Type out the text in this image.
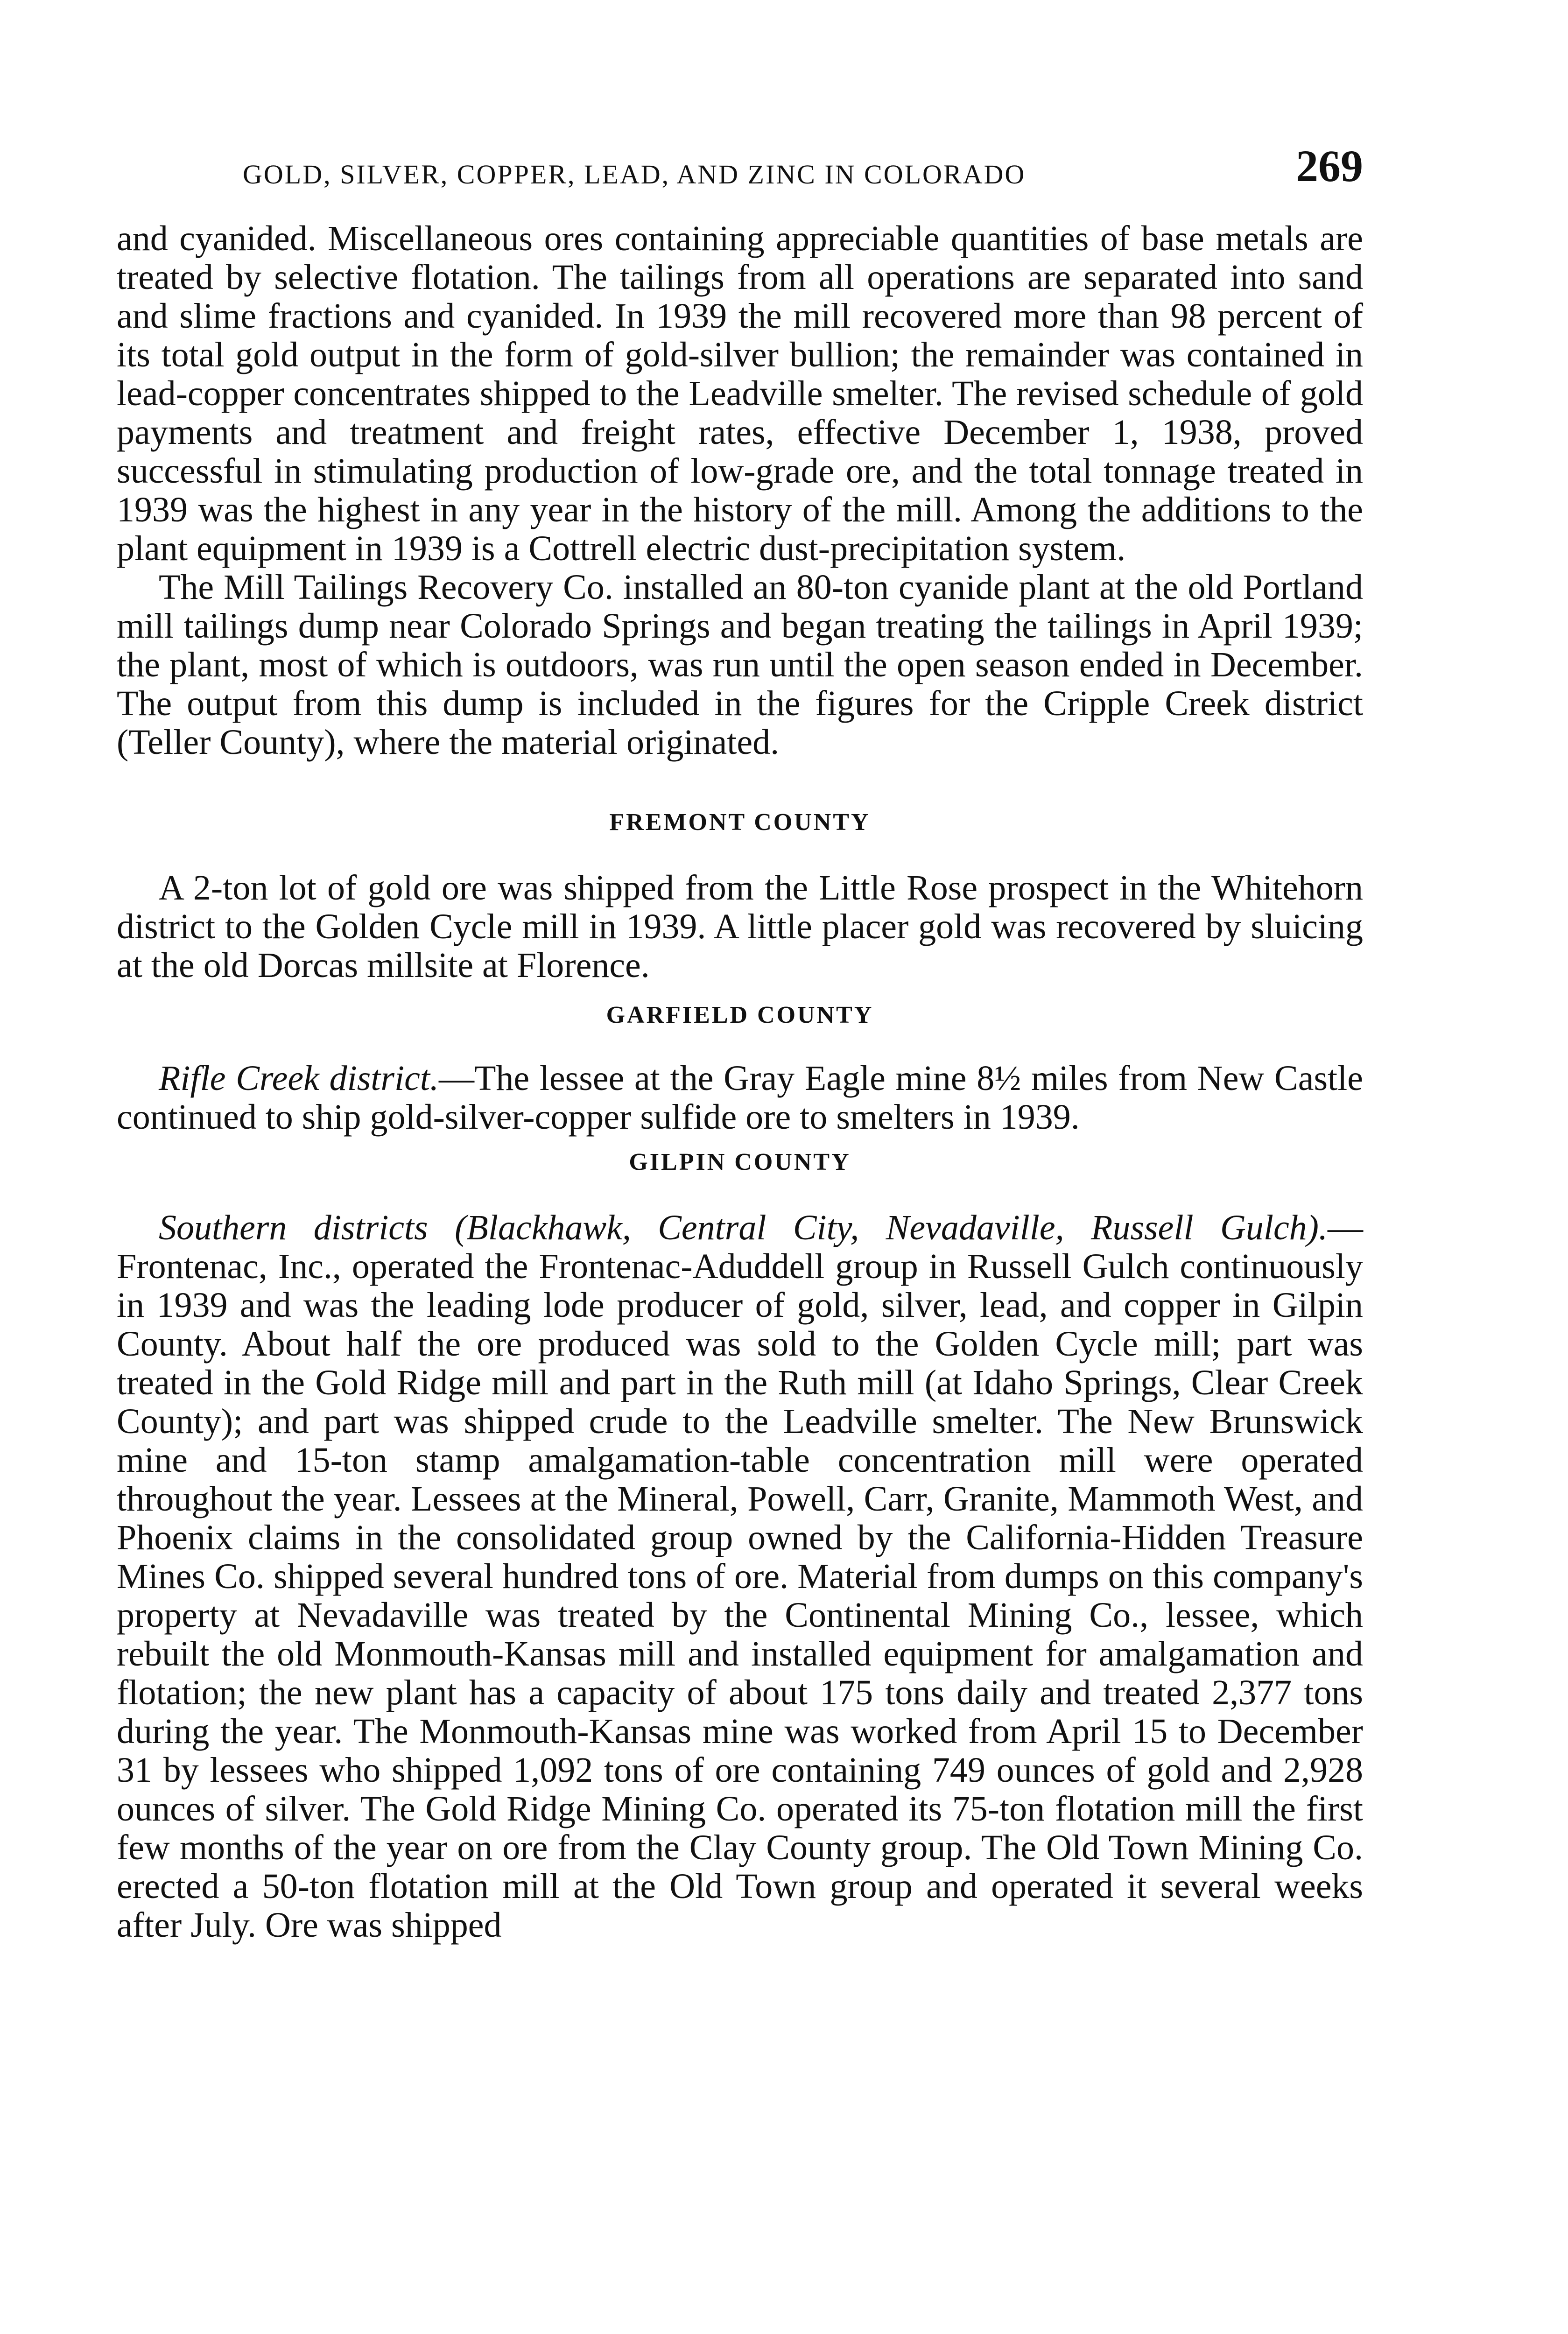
GOLD, SILVER, COPPER, LEAD, AND ZINC IN COLORADO	269

and cyanided. Miscellaneous ores containing appreciable quantities of base metals are treated by selective flotation. The tailings from all operations are separated into sand and slime fractions and cyanided. In 1939 the mill recovered more than 98 percent of its total gold output in the form of gold-silver bullion; the remainder was contained in lead-copper concentrates shipped to the Leadville smelter. The revised schedule of gold payments and treatment and freight rates, effective December 1, 1938, proved successful in stimulating production of low-grade ore, and the total tonnage treated in 1939 was the highest in any year in the history of the mill. Among the additions to the plant equipment in 1939 is a Cottrell electric dust-precipitation system.

The Mill Tailings Recovery Co. installed an 80-ton cyanide plant at the old Portland mill tailings dump near Colorado Springs and began treating the tailings in April 1939; the plant, most of which is outdoors, was run until the open season ended in December. The output from this dump is included in the figures for the Cripple Creek district (Teller County), where the material originated.

FREMONT COUNTY

A 2-ton lot of gold ore was shipped from the Little Rose prospect in the Whitehorn district to the Golden Cycle mill in 1939. A little placer gold was recovered by sluicing at the old Dorcas millsite at Florence.

GARFIELD COUNTY

Rifle Creek district.—The lessee at the Gray Eagle mine 8½ miles from New Castle continued to ship gold-silver-copper sulfide ore to smelters in 1939.

GILPIN COUNTY

Southern districts (Blackhawk, Central City, Nevadaville, Russell Gulch).—Frontenac, Inc., operated the Frontenac-Aduddell group in Russell Gulch continuously in 1939 and was the leading lode producer of gold, silver, lead, and copper in Gilpin County. About half the ore produced was sold to the Golden Cycle mill; part was treated in the Gold Ridge mill and part in the Ruth mill (at Idaho Springs, Clear Creek County); and part was shipped crude to the Leadville smelter. The New Brunswick mine and 15-ton stamp amalgamation-table concentration mill were operated throughout the year. Lessees at the Mineral, Powell, Carr, Granite, Mammoth West, and Phoenix claims in the consolidated group owned by the California-Hidden Treasure Mines Co. shipped several hundred tons of ore. Material from dumps on this company's property at Nevadaville was treated by the Continental Mining Co., lessee, which rebuilt the old Monmouth-Kansas mill and installed equipment for amalgamation and flotation; the new plant has a capacity of about 175 tons daily and treated 2,377 tons during the year. The Monmouth-Kansas mine was worked from April 15 to December 31 by lessees who shipped 1,092 tons of ore containing 749 ounces of gold and 2,928 ounces of silver. The Gold Ridge Mining Co. operated its 75-ton flotation mill the first few months of the year on ore from the Clay County group. The Old Town Mining Co. erected a 50-ton flotation mill at the Old Town group and operated it several weeks after July. Ore was shipped
